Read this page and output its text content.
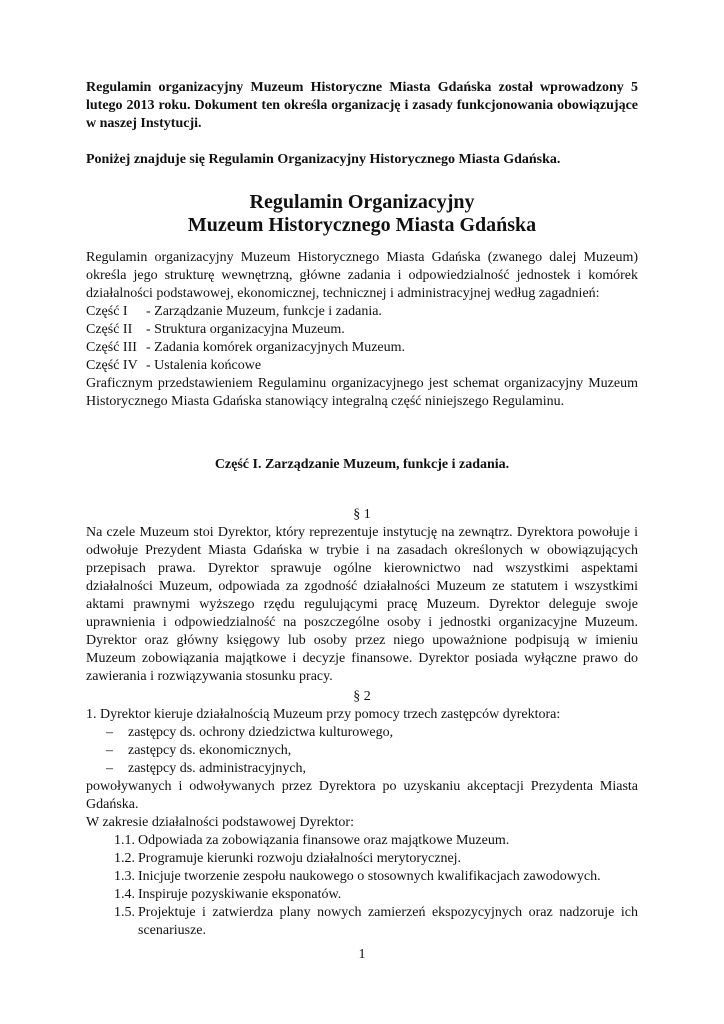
Regulamin organizacyjny Muzeum Historyczne Miasta Gdańska został wprowadzony 5 lutego 2013 roku. Dokument ten określa organizację i zasady funkcjonowania obowiązujące w naszej Instytucji.

Poniżej znajduje się Regulamin Organizacyjny Historycznego Miasta Gdańska.

Regulamin Organizacyjny
Muzeum Historycznego Miasta Gdańska
Regulamin organizacyjny Muzeum Historycznego Miasta Gdańska (zwanego dalej Muzeum) określa jego strukturę wewnętrzną, główne zadania i odpowiedzialność jednostek i komórek działalności podstawowej, ekonomicznej, technicznej i administracyjnej według zagadnień:
Część I	- Zarządzanie Muzeum, funkcje i zadania.
Część II - Struktura organizacyjna Muzeum.
Część III - Zadania komórek organizacyjnych Muzeum.
Część IV - Ustalenia końcowe
Graficznym przedstawieniem Regulaminu organizacyjnego jest schemat organizacyjny Muzeum Historycznego Miasta Gdańska stanowiący integralną część niniejszego Regulaminu.
Część I. Zarządzanie Muzeum, funkcje i zadania.
§ 1
Na czele Muzeum stoi Dyrektor, który reprezentuje instytucję na zewnątrz. Dyrektora powołuje i odwołuje Prezydent Miasta Gdańska w trybie i na zasadach określonych w obowiązujących przepisach prawa. Dyrektor sprawuje ogólne kierownictwo nad wszystkimi aspektami działalności Muzeum, odpowiada za zgodność działalności Muzeum ze statutem i wszystkimi aktami prawnymi wyższego rzędu regulującymi pracę Muzeum. Dyrektor deleguje swoje uprawnienia i odpowiedzialność na poszczególne osoby i jednostki organizacyjne Muzeum. Dyrektor oraz główny księgowy lub osoby przez niego upoważnione podpisują w imieniu Muzeum zobowiązania majątkowe i decyzje finansowe. Dyrektor posiada wyłączne prawo do zawierania i rozwiązywania stosunku pracy.
§ 2
1. Dyrektor kieruje działalnością Muzeum przy pomocy trzech zastępców dyrektora:
– zastępcy ds. ochrony dziedzictwa kulturowego,
– zastępcy ds. ekonomicznych,
– zastępcy ds. administracyjnych,
powoływanych i odwoływanych przez Dyrektora po uzyskaniu akceptacji Prezydenta Miasta Gdańska.
W zakresie działalności podstawowej Dyrektor:
1.1. Odpowiada za zobowiązania finansowe oraz majątkowe Muzeum.
1.2. Programuje kierunki rozwoju działalności merytorycznej.
1.3. Inicjuje tworzenie zespołu naukowego o stosownych kwalifikacjach zawodowych.
1.4. Inspiruje pozyskiwanie eksponatów.
1.5. Projektuje i zatwierdza plany nowych zamierzeń ekspozycyjnych oraz nadzoruje ich scenariusze.
1
